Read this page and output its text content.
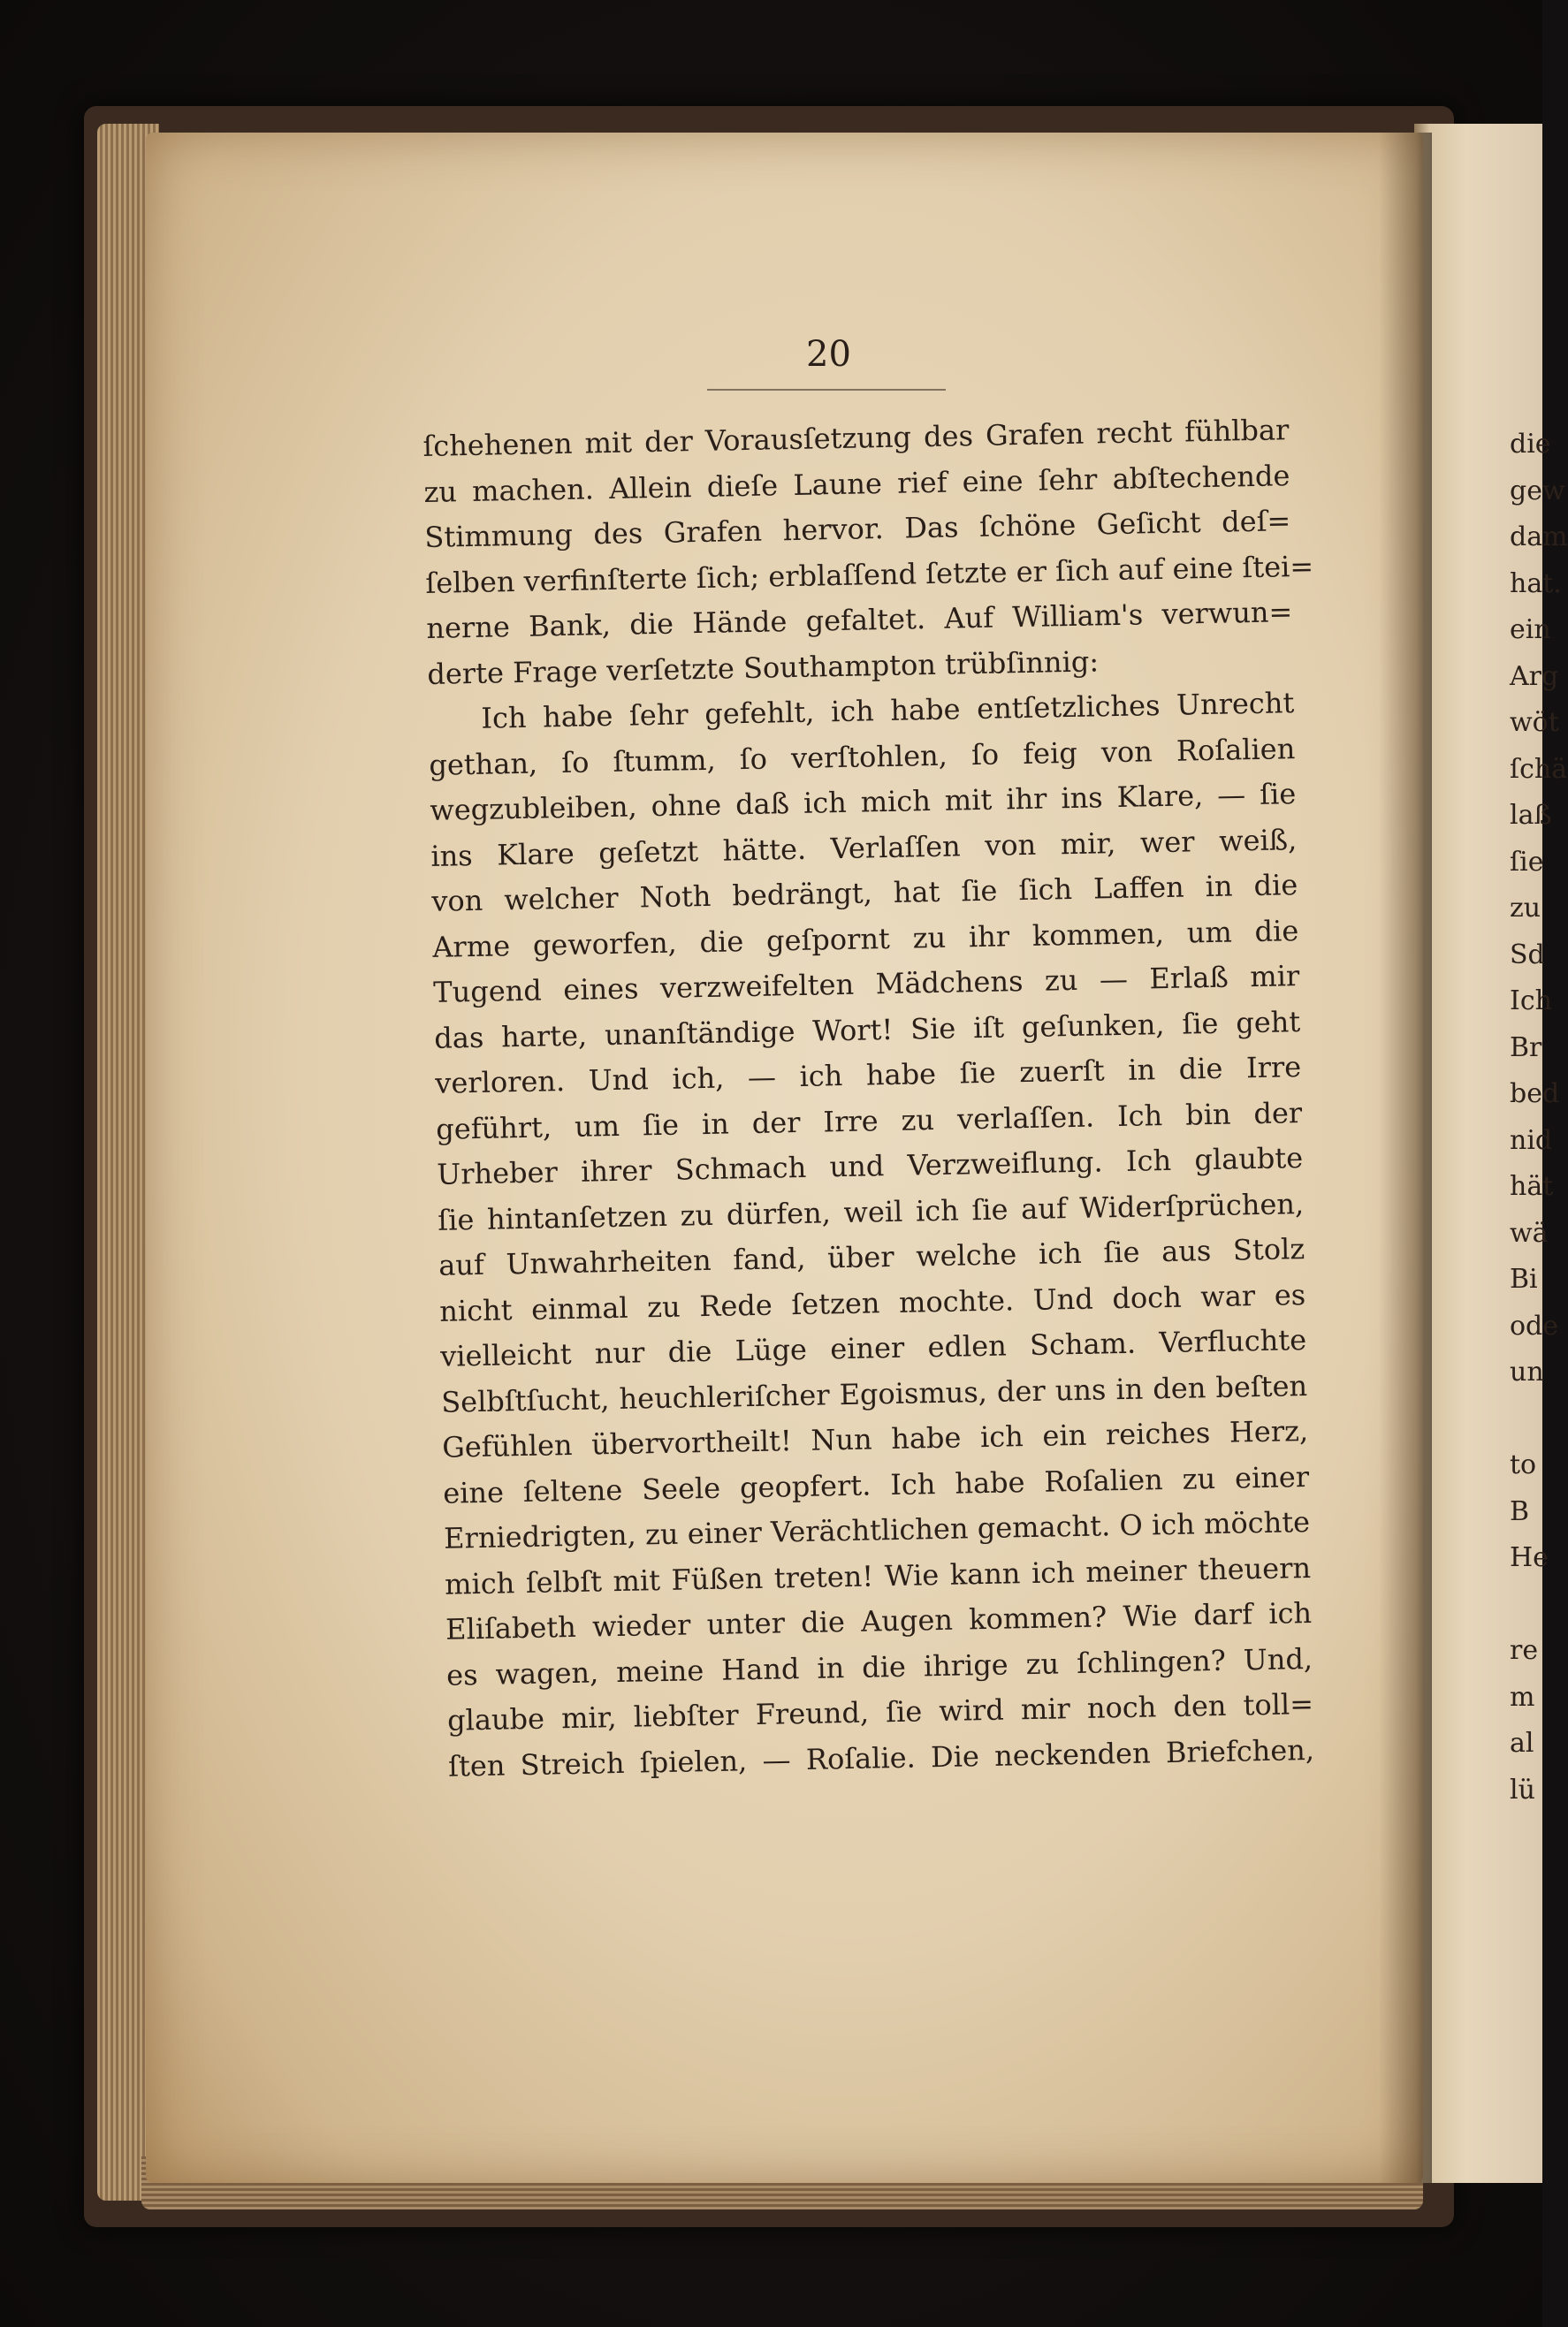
die
gew
dam
hat.
ein
Arg
wöt
ſchä
laß
ſie
zu
Sd
Ich
Br
bed
nid
hät
wä
Bi
ode
un
to
B
He
re
m
al
lü
20
ſchehenen mit der Vorausſetzung des Grafen recht fühlbar
zu machen. Allein dieſe Laune rief eine ſehr abſtechende
Stimmung des Grafen hervor. Das ſchöne Geſicht deſ=
ſelben verfinſterte ſich; erblaſſend ſetzte er ſich auf eine ſtei=
nerne Bank, die Hände gefaltet. Auf William's verwun=
derte Frage verſetzte Southampton trübſinnig:
Ich habe ſehr gefehlt, ich habe entſetzliches Unrecht
gethan, ſo ſtumm, ſo verſtohlen, ſo feig von Roſalien
wegzubleiben, ohne daß ich mich mit ihr ins Klare, — ſie
ins Klare geſetzt hätte. Verlaſſen von mir, wer weiß,
von welcher Noth bedrängt, hat ſie ſich Laffen in die
Arme geworfen, die geſpornt zu ihr kommen, um die
Tugend eines verzweifelten Mädchens zu — Erlaß mir
das harte, unanſtändige Wort! Sie iſt geſunken, ſie geht
verloren. Und ich, — ich habe ſie zuerſt in die Irre
geführt, um ſie in der Irre zu verlaſſen. Ich bin der
Urheber ihrer Schmach und Verzweiflung. Ich glaubte
ſie hintanſetzen zu dürfen, weil ich ſie auf Widerſprüchen,
auf Unwahrheiten fand, über welche ich ſie aus Stolz
nicht einmal zu Rede ſetzen mochte. Und doch war es
vielleicht nur die Lüge einer edlen Scham. Verfluchte
Selbſtſucht, heuchleriſcher Egoismus, der uns in den beſten
Gefühlen übervortheilt! Nun habe ich ein reiches Herz,
eine ſeltene Seele geopfert. Ich habe Roſalien zu einer
Erniedrigten, zu einer Verächtlichen gemacht. O ich möchte
mich ſelbſt mit Füßen treten! Wie kann ich meiner theuern
Eliſabeth wieder unter die Augen kommen? Wie darf ich
es wagen, meine Hand in die ihrige zu ſchlingen? Und,
glaube mir, liebſter Freund, ſie wird mir noch den toll=
ſten Streich ſpielen, — Roſalie. Die neckenden Briefchen,
